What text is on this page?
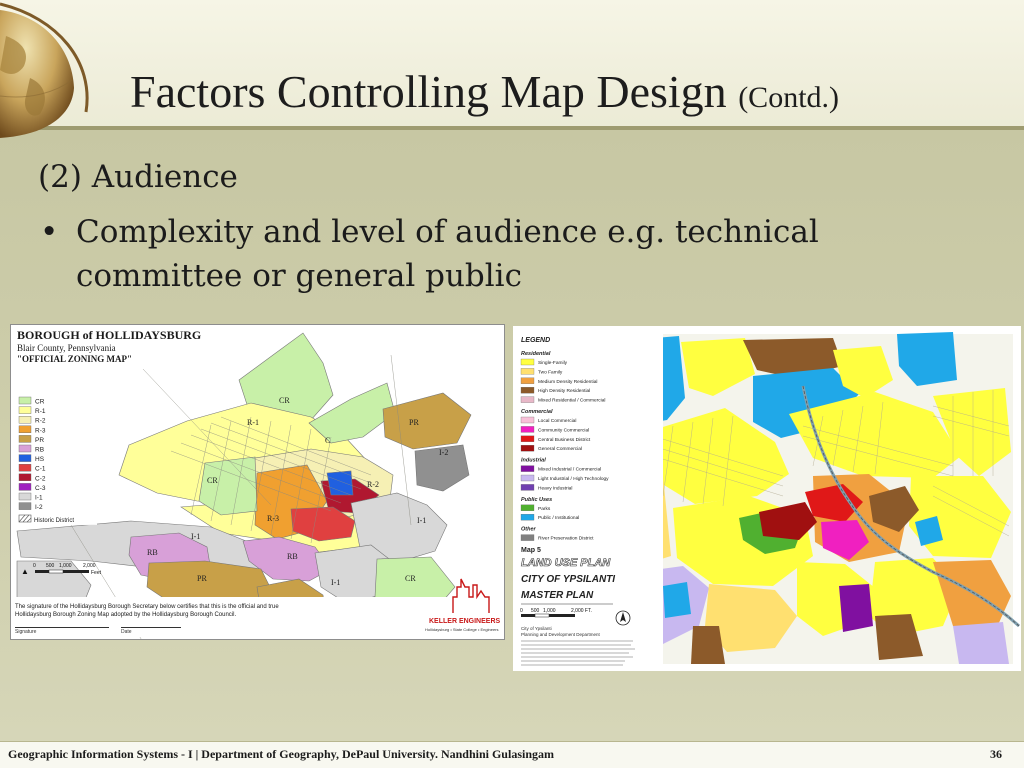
Factors Controlling Map Design (Contd.)
(2) Audience
• Complexity and level of audience e.g. technical committee or general public
BOROUGH of HOLLIDAYSBURG
Blair County, Pennsylvania
"OFFICIAL ZONING MAP"
CR
R-1
R-2
R-3
PR
RB
HS
C-1
C-2
C-3
I-1
I-2
Historic District
CR
R-1
C
PR
I-2
CR	R-2
R-3	I-1
I-1
RB	RB
PR	I-1	CR
0 500 1,000 2,000
Feet
▲
The signature of the Hollidaysburg Borough Secretary below certifies that this is the official and true Hollidaysburg Borough Zoning Map adopted by the Hollidaysburg Borough Council.
Signature	Date
KELLER ENGINEERS
Hollidaysburg • State College • Engineers
LEGEND
Residential
Single-Family
Two Family
Medium Density Residential
High Density Residential
Mixed Residential / Commercial
Commercial
Local Commercial
Community Commercial
Central Business District
General Commercial
Industrial
Mixed Industrial / Commercial
Light Industrial / High Technology
Heavy Industrial
Public Uses
Parks
Public / Institutional
Other
River Preservation District
Map 5
LAND USE PLAN
CITY OF YPSILANTI
MASTER PLAN
0 500 1,000	2,000 FT.
City of Ypsilanti
Planning and Development Department
Geographic Information Systems - I | Department of Geography, DePaul University. Nandhini Gulasingam	36
